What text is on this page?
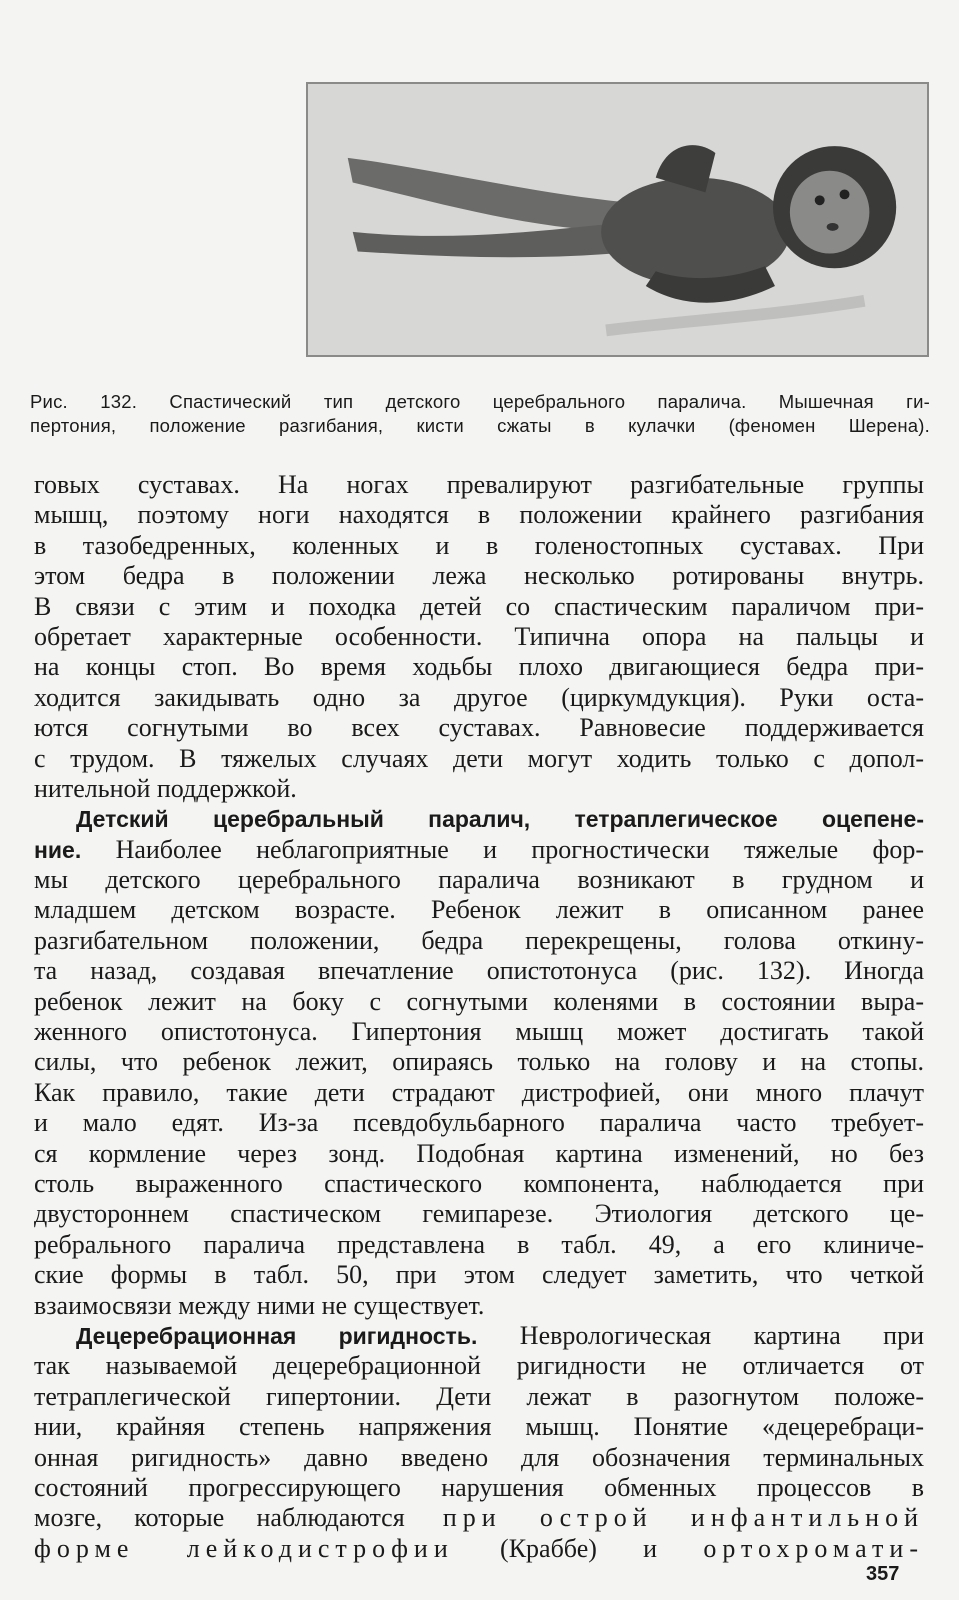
Рис. 132. Спастический тип детского церебрального паралича. Мышечная ги-
пертония, положение разгибания, кисти сжаты в кулачки (феномен Шерена).
говых суставах. На ногах превалируют разгибательные группы
мышц, поэтому ноги находятся в положении крайнего разгибания
в тазобедренных, коленных и в голеностопных суставах. При
этом бедра в положении лежа несколько ротированы внутрь.
В связи с этим и походка детей со спастическим параличом при-
обретает характерные особенности. Типична опора на пальцы и
на концы стоп. Во время ходьбы плохо двигающиеся бедра при-
ходится закидывать одно за другое (циркумдукция). Руки оста-
ются согнутыми во всех суставах. Равновесие поддерживается
с трудом. В тяжелых случаях дети могут ходить только с допол-
нительной поддержкой.
Детский церебральный паралич, тетраплегическое оцепене-
ние. Наиболее неблагоприятные и прогностически тяжелые фор-
мы детского церебрального паралича возникают в грудном и
младшем детском возрасте. Ребенок лежит в описанном ранее
разгибательном положении, бедра перекрещены, голова откину-
та назад, создавая впечатление опистотонуса (рис. 132). Иногда
ребенок лежит на боку с согнутыми коленями в состоянии выра-
женного опистотонуса. Гипертония мышц может достигать такой
силы, что ребенок лежит, опираясь только на голову и на стопы.
Как правило, такие дети страдают дистрофией, они много плачут
и мало едят. Из-за псевдобульбарного паралича часто требует-
ся кормление через зонд. Подобная картина изменений, но без
столь выраженного спастического компонента, наблюдается при
двустороннем спастическом гемипарезе. Этиология детского це-
ребрального паралича представлена в табл. 49, а его клиниче-
ские формы в табл. 50, при этом следует заметить, что четкой
взаимосвязи между ними не существует.
Децеребрационная ригидность. Неврологическая картина при
так называемой децеребрационной ригидности не отличается от
тетраплегической гипертонии. Дети лежат в разогнутом положе-
нии, крайняя степень напряжения мышц. Понятие «децеребраци-
онная ригидность» давно введено для обозначения терминальных
состояний прогрессирующего нарушения обменных процессов в
мозге, которые наблюдаются при острой инфантильной
форме лейкодистрофии (Краббе) и ортохромати-
357
